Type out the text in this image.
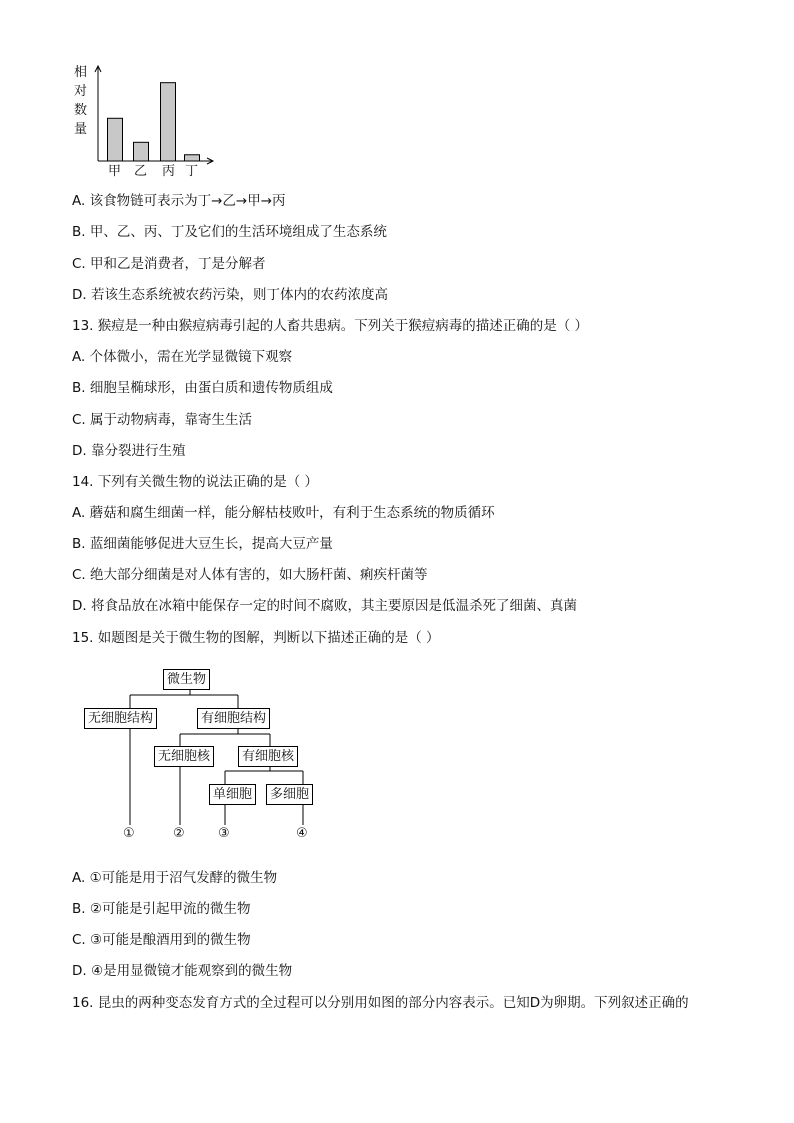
相
对
数
量
甲 乙 丙 丁
A. 该食物链可表示为丁→乙→甲→丙
B. 甲、乙、丙、丁及它们的生活环境组成了生态系统
C. 甲和乙是消费者，丁是分解者
D. 若该生态系统被农药污染，则丁体内的农药浓度高
13. 猴痘是一种由猴痘病毒引起的人畜共患病。下列关于猴痘病毒的描述正确的是（ ）
A. 个体微小，需在光学显微镜下观察
B. 细胞呈椭球形，由蛋白质和遗传物质组成
C. 属于动物病毒，靠寄生生活
D. 靠分裂进行生殖
14. 下列有关微生物的说法正确的是（ ）
A. 蘑菇和腐生细菌一样，能分解枯枝败叶，有利于生态系统的物质循环
B. 蓝细菌能够促进大豆生长，提高大豆产量
C. 绝大部分细菌是对人体有害的，如大肠杆菌、痢疾杆菌等
D. 将食品放在冰箱中能保存一定的时间不腐败，其主要原因是低温杀死了细菌、真菌
15. 如题图是关于微生物的图解，判断以下描述正确的是（ ）
微生物
无细胞结构	有细胞结构
无细胞核	有细胞核
单细胞	多细胞
①	②	③	④
A. ①可能是用于沼气发酵的微生物
B. ②可能是引起甲流的微生物
C. ③可能是酿酒用到的微生物
D. ④是用显微镜才能观察到的微生物
16. 昆虫的两种变态发育方式的全过程可以分别用如图的部分内容表示。已知D为卵期。下列叙述正确的
